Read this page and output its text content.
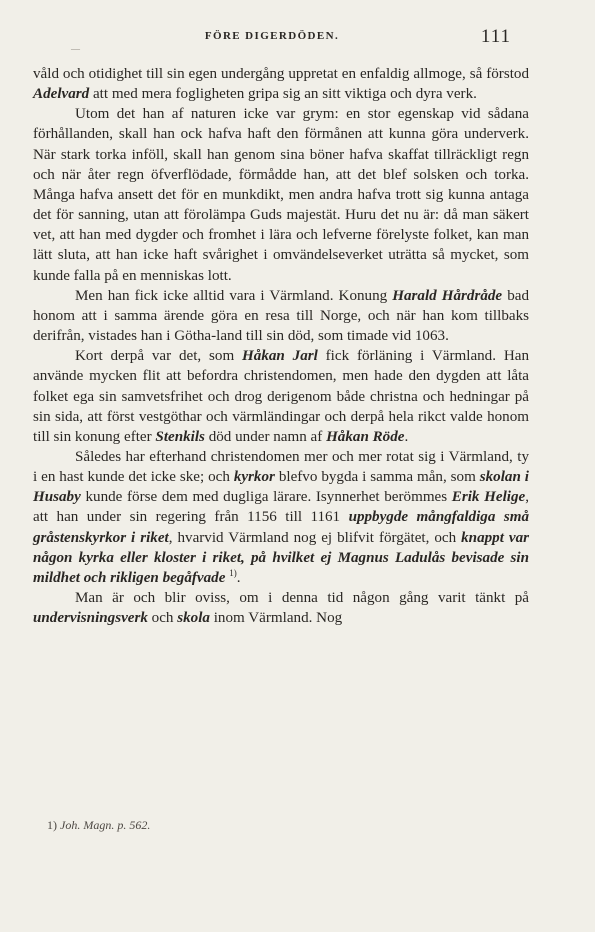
FÖRE DIGERDÖDEN.	111
—

våld och otidighet till sin egen undergång uppretat en enfaldig allmoge, så förstod Adelvard att med mera fogligheten gripa sig an sitt viktiga och dyra verk.

Utom det han af naturen icke var grym: en stor egenskap vid sådana förhållanden, skall han ock hafva haft den förmånen att kunna göra underverk. När stark torka inföll, skall han genom sina böner hafva skaffat tillräckligt regn och när åter regn öfverflödade, förmådde han, att det blef solsken och torka. Många hafva ansett det för en munkdikt, men andra hafva trott sig kunna antaga det för sanning, utan att förolämpa Guds majestät. Huru det nu är: då man säkert vet, att han med dygder och fromhet i lära och lefverne förelyste folket, kan man lätt sluta, att han icke haft svårighet i omvändelseverket uträtta så mycket, som kunde falla på en menniskas lott.

Men han fick icke alltid vara i Värmland. Konung Harald Hårdråde bad honom att i samma ärende göra en resa till Norge, och när han kom tillbaks derifrån, vistades han i Götha-land till sin död, som timade vid 1063.

Kort derpå var det, som Håkan Jarl fick förläning i Värmland. Han använde mycken flit att befordra christendomen, men hade den dygden att låta folket ega sin samvetsfrihet och drog derigenom både christna och hedningar på sin sida, att först vestgöthar och värmländingar och derpå hela rikct valde honom till sin konung efter Stenkils död under namn af Håkan Röde.

Således har efterhand christendomen mer och mer rotat sig i Värmland, ty i en hast kunde det icke ske; och kyrkor blefvo bygda i samma mån, som skolan i Husaby kunde förse dem med dugliga lärare. Isynnerhet berömmes Erik Helige, att han under sin regering från 1156 till 1161 uppbygde mångfaldiga små gråstenskyrkor i riket, hvarvid Värmland nog ej blifvit förgätet, och knappt var någon kyrka eller kloster i riket, på hvilket ej Magnus Ladulås bevisade sin mildhet och rikligen begåfvade $^{1)}$.

Man är och blir oviss, om i denna tid någon gång varit tänkt på undervisningsverk och skola inom Värmland. Nog

1) Joh. Magn. p. 562.
